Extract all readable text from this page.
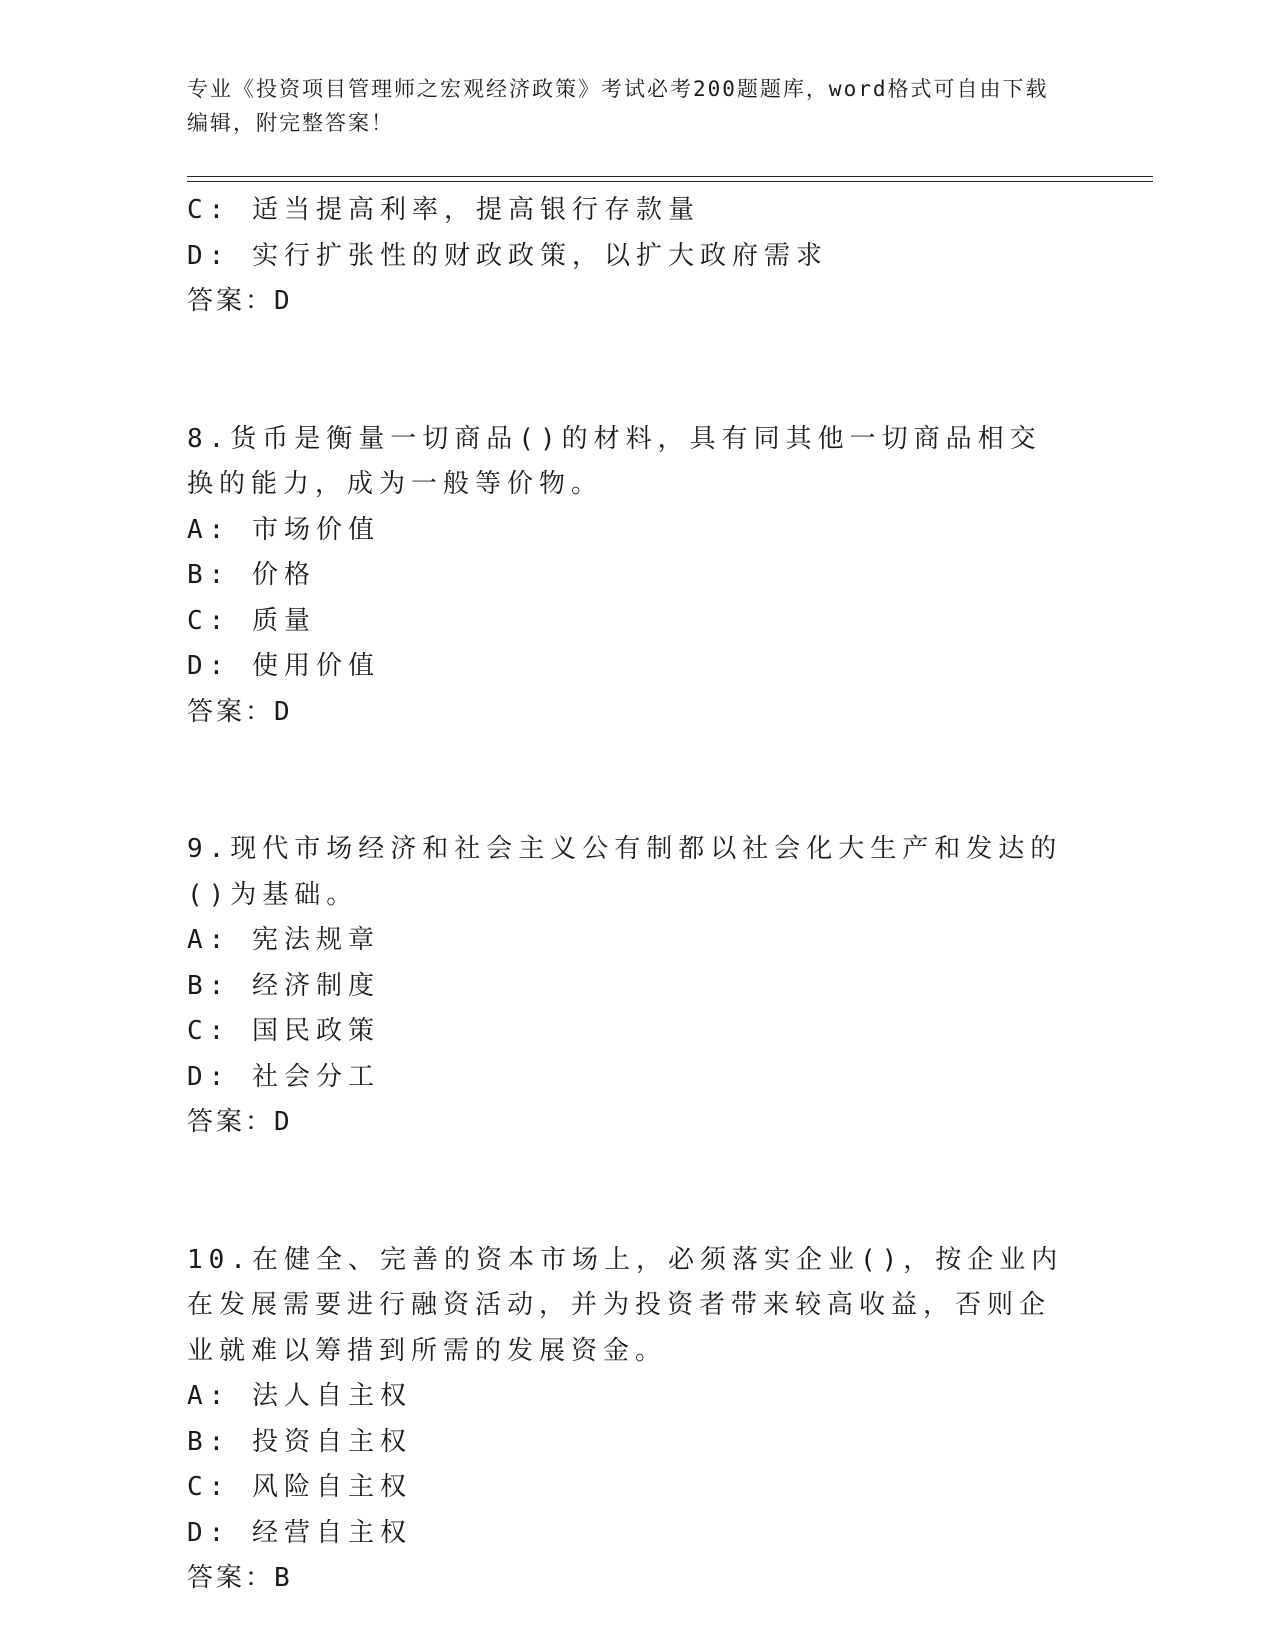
专业《投资项目管理师之宏观经济政策》考试必考200题题库，word格式可自由下载编辑，附完整答案！
C: 适当提高利率，提高银行存款量
D: 实行扩张性的财政政策，以扩大政府需求
答案：D
8.货币是衡量一切商品()的材料，具有同其他一切商品相交换的能力，成为一般等价物。
A: 市场价值
B: 价格
C: 质量
D: 使用价值
答案：D
9.现代市场经济和社会主义公有制都以社会化大生产和发达的()为基础。
A: 宪法规章
B: 经济制度
C: 国民政策
D: 社会分工
答案：D
10.在健全、完善的资本市场上，必须落实企业()，按企业内在发展需要进行融资活动，并为投资者带来较高收益，否则企业就难以筹措到所需的发展资金。
A: 法人自主权
B: 投资自主权
C: 风险自主权
D: 经营自主权
答案：B
